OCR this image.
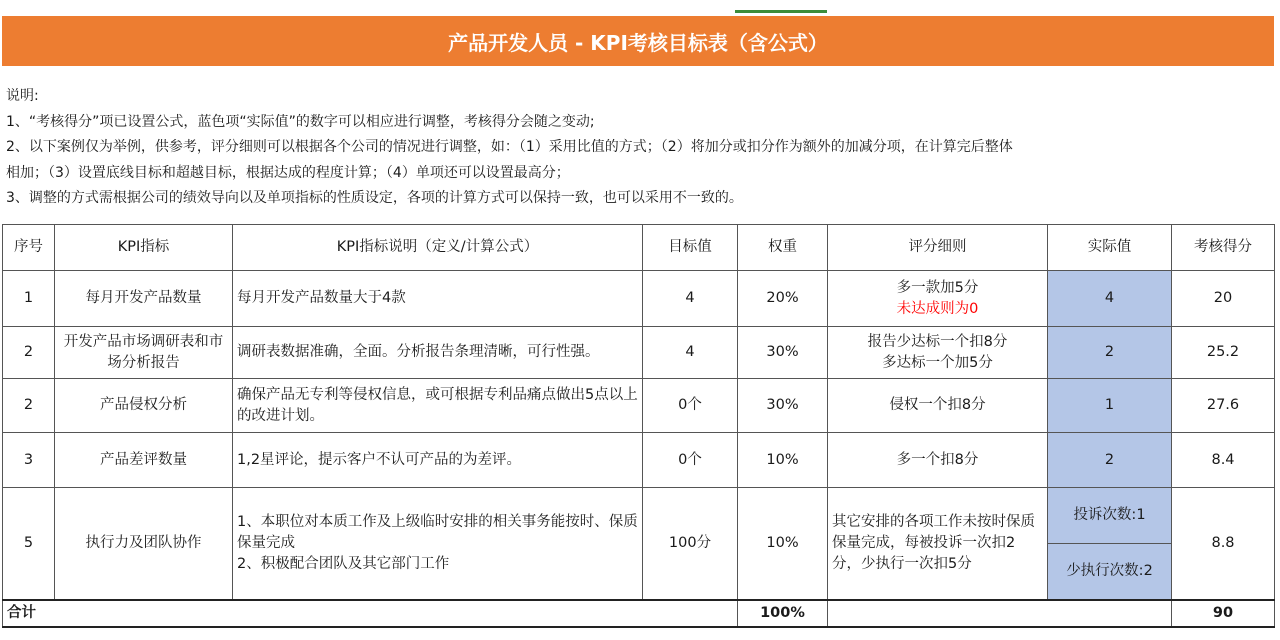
产品开发人员 - KPI考核目标表（含公式）

说明:

1、“考核得分”项已设置公式，蓝色项“实际值”的数字可以相应进行调整，考核得分会随之变动;

2、以下案例仅为举例，供参考，评分细则可以根据各个公司的情况进行调整，如：（1）采用比值的方式；（2）将加分或扣分作为额外的加减分项，在计算完后整体

相加；（3）设置底线目标和超越目标，根据达成的程度计算；（4）单项还可以设置最高分；

3、调整的方式需根据公司的绩效导向以及单项指标的性质设定，各项的计算方式可以保持一致，也可以采用不一致的。

序号	KPI指标	KPI指标说明（定义/计算公式）	目标值	权重	评分细则	实际值	考核得分
1	每月开发产品数量	每月开发产品数量大于4款	4	20%	多一款加5分
未达成则为0	4	20
2	开发产品市场调研表和市场分析报告	调研表数据准确，全面。分析报告条理清晰，可行性强。	4	30%	报告少达标一个扣8分
多达标一个加5分	2	25.2
2	产品侵权分析	确保产品无专利等侵权信息，或可根据专利品痛点做出5点以上的改进计划。	0个	30%	侵权一个扣8分	1	27.6
3	产品差评数量	1,2星评论，提示客户不认可产品的为差评。	0个	10%	多一个扣8分	2	8.4
5	执行力及团队协作	1、本职位对本质工作及上级临时安排的相关事务能按时、保质保量完成
2、积极配合团队及其它部门工作	100分	10%	其它安排的各项工作未按时保质保量完成，每被投诉一次扣2分，少执行一次扣5分	投诉次数:1	8.8
						少执行次数:2	
合计				100%			90
